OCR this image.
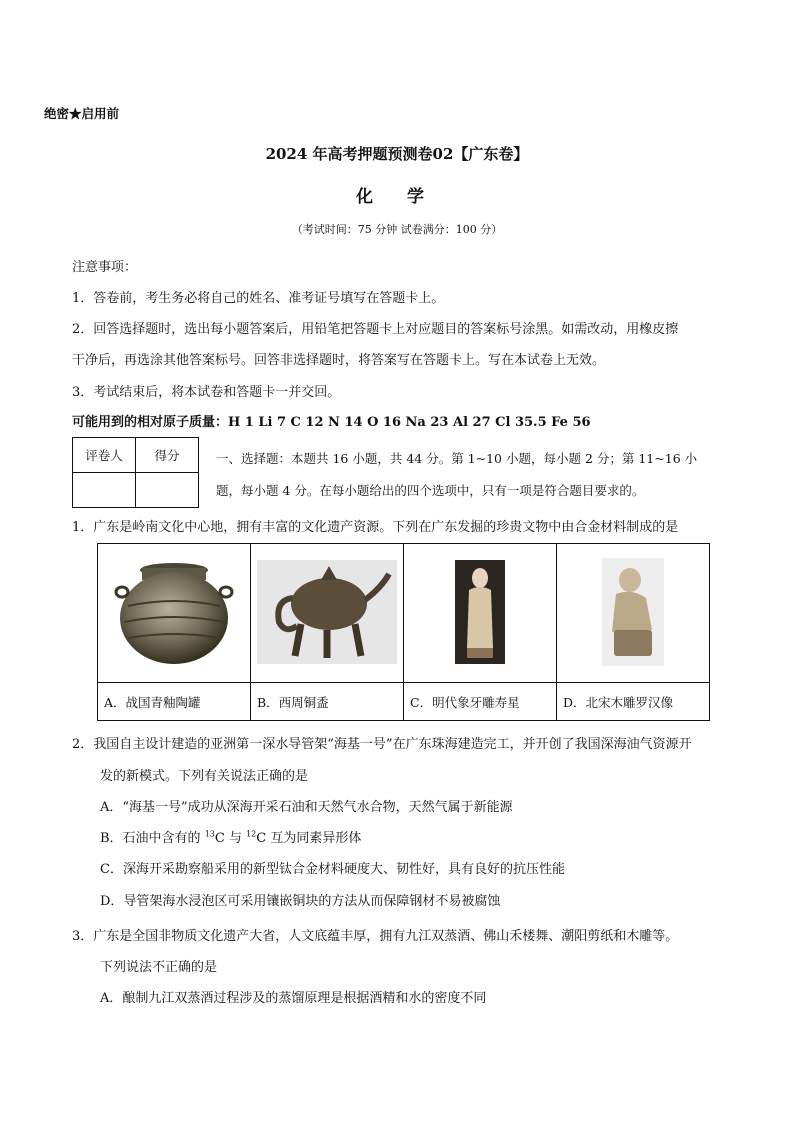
绝密★启用前
2024 年高考押题预测卷02【广东卷】
化 学
（考试时间：75 分钟 试卷满分：100 分）
注意事项：
1．答卷前，考生务必将自己的姓名、准考证号填写在答题卡上。
2．回答选择题时，选出每小题答案后，用铅笔把答题卡上对应题目的答案标号涂黑。如需改动，用橡皮擦
干净后，再选涂其他答案标号。回答非选择题时，将答案写在答题卡上。写在本试卷上无效。
3．考试结束后，将本试卷和答题卡一并交回。
可能用到的相对原子质量：H 1 Li 7 C 12 N 14 O 16 Na 23 Al 27 Cl 35.5 Fe 56
评卷人	得分
		一、选择题：本题共 16 小题，共 44 分。第 1~10 小题，每小题 2 分；第 11~16 小
题，每小题 4 分。在每小题给出的四个选项中，只有一项是符合题目要求的。
1．广东是岭南文化中心地，拥有丰富的文化遗产资源。下列在广东发掘的珍贵文物中由合金材料制成的是

A．战国青釉陶罐	B．西周铜盉	C．明代象牙雕寿星	D．北宋木雕罗汉像
2．我国自主设计建造的亚洲第一深水导管架“海基一号”在广东珠海建造完工，并开创了我国深海油气资源开
发的新模式。下列有关说法正确的是
A．“海基一号”成功从深海开采石油和天然气水合物，天然气属于新能源
B．石油中含有的 $^{13}$C 与 $^{12}$C 互为同素异形体
C．深海开采勘察船采用的新型钛合金材料硬度大、韧性好，具有良好的抗压性能
D．导管架海水浸泡区可采用镶嵌铜块的方法从而保障钢材不易被腐蚀
3．广东是全国非物质文化遗产大省，人文底蕴丰厚，拥有九江双蒸酒、佛山禾楼舞、潮阳剪纸和木雕等。
下列说法不正确的是
A．酿制九江双蒸酒过程涉及的蒸馏原理是根据酒精和水的密度不同
